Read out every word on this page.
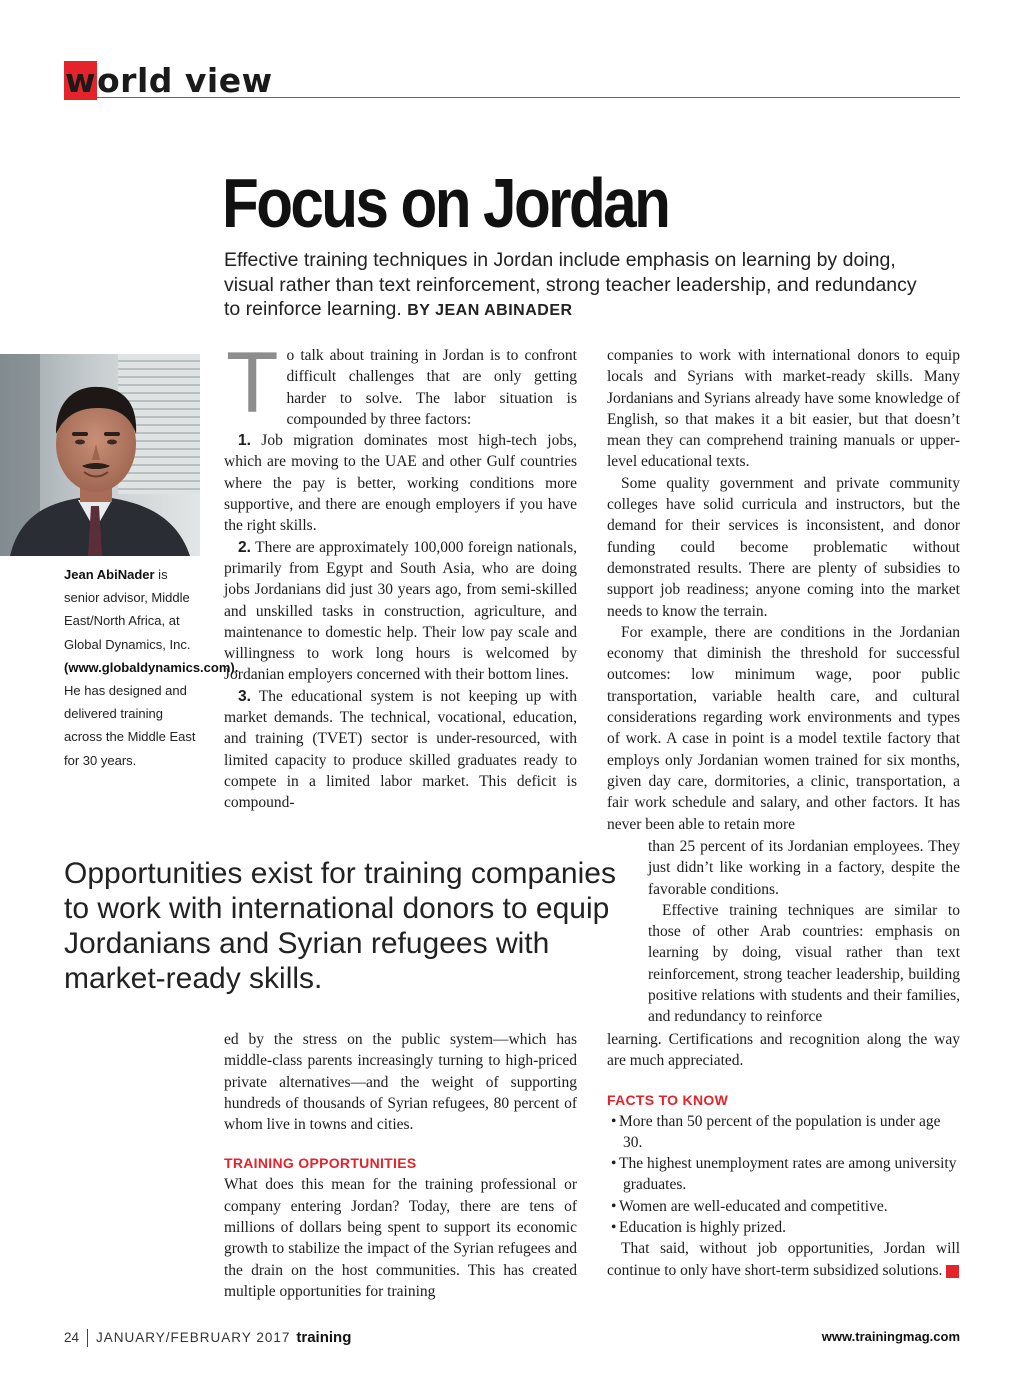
world view
Focus on Jordan
Effective training techniques in Jordan include emphasis on learning by doing, visual rather than text reinforcement, strong teacher leadership, and redundancy to reinforce learning. BY JEAN ABINADER
Jean AbiNader is senior advisor, Middle East/North Africa, at Global Dynamics, Inc. (www.globaldynamics.com). He has designed and delivered training across the Middle East for 30 years.

To talk about training in Jordan is to confront difficult challenges that are only getting harder to solve. The labor situation is compounded by three factors:

1. Job migration dominates most high-tech jobs, which are moving to the UAE and other Gulf countries where the pay is better, working conditions more supportive, and there are enough employers if you have the right skills.

2. There are approximately 100,000 foreign nationals, primarily from Egypt and South Asia, who are doing jobs Jordanians did just 30 years ago, from semi-skilled and unskilled tasks in construction, agriculture, and maintenance to domestic help. Their low pay scale and willingness to work long hours is welcomed by Jordanian employers concerned with their bottom lines.

3. The educational system is not keeping up with market demands. The technical, vocational, education, and training (TVET) sector is under-resourced, with limited capacity to produce skilled graduates ready to compete in a limited labor market. This deficit is compound-

Opportunities exist for training companies to work with international donors to equip Jordanians and Syrian refugees with market-ready skills.

ed by the stress on the public system—which has middle-class parents increasingly turning to high-priced private alternatives—and the weight of supporting hundreds of thousands of Syrian refugees, 80 percent of whom live in towns and cities.

TRAINING OPPORTUNITIES

What does this mean for the training professional or company entering Jordan? Today, there are tens of millions of dollars being spent to support its economic growth to stabilize the impact of the Syrian refugees and the drain on the host communities. This has created multiple opportunities for training

companies to work with international donors to equip locals and Syrians with market-ready skills. Many Jordanians and Syrians already have some knowledge of English, so that makes it a bit easier, but that doesn’t mean they can comprehend training manuals or upper-level educational texts.

Some quality government and private community colleges have solid curricula and instructors, but the demand for their services is inconsistent, and donor funding could become problematic without demonstrated results. There are plenty of subsidies to support job readiness; anyone coming into the market needs to know the terrain.

For example, there are conditions in the Jordanian economy that diminish the threshold for successful outcomes: low minimum wage, poor public transportation, variable health care, and cultural considerations regarding work environments and types of work. A case in point is a model textile factory that employs only Jordanian women trained for six months, given day care, dormitories, a clinic, transportation, a fair work schedule and salary, and other factors. It has never been able to retain more

than 25 percent of its Jordanian employees. They just didn’t like working in a factory, despite the favorable conditions.

Effective training techniques are similar to those of other Arab countries: emphasis on learning by doing, visual rather than text reinforcement, strong teacher leadership, building positive relations with students and their families, and redundancy to reinforce

learning. Certifications and recognition along the way are much appreciated.

FACTS TO KNOW
• More than 50 percent of the population is under age 30.
• The highest unemployment rates are among university graduates.
• Women are well-educated and competitive.
• Education is highly prized.

That said, without job opportunities, Jordan will continue to only have short-term subsidized solutions. t

24 JANUARY/FEBRUARY 2017 training	www.trainingmag.com
